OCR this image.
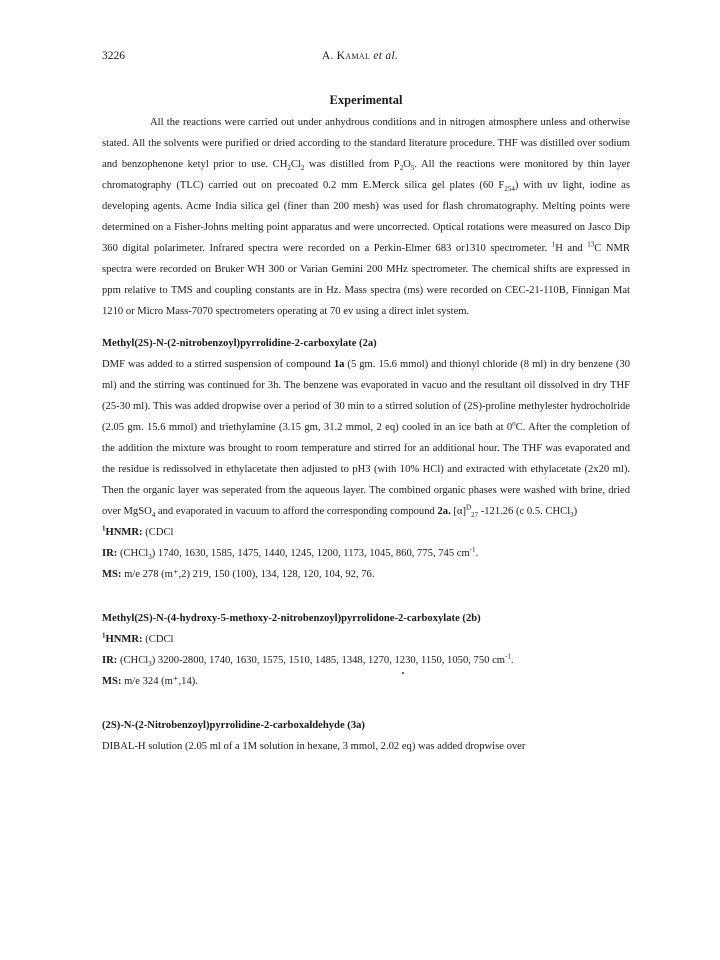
3226	A. Kamal et al.
Experimental

All the reactions were carried out under anhydrous conditions and in nitrogen atmosphere unless and otherwise stated. All the solvents were purified or dried according to the standard literature procedure. THF was distilled over sodium and benzophenone ketyl prior to use. $CH_2Cl_2$ was distilled from $P_2O_5$. All the reactions were monitored by thin layer chromatography (TLC) carried out on precoated 0.2 mm E.Merck silica gel plates (60 $F_{254}$) with uv light, iodine as developing agents. Acme India silica gel (finer than 200 mesh) was used for flash chromatography. Melting points were determined on a Fisher-Johns melting point apparatus and were uncorrected. Optical rotations were measured on Jasco Dip 360 digital polarimeter. Infrared spectra were recorded on a Perkin-Elmer 683 or1310 spectrometer. $^1$H and $^{13}$C NMR spectra were recorded on Bruker WH 300 or Varian Gemini 200 MHz spectrometer. The chemical shifts are expressed in ppm relative to TMS and coupling constants are in Hz. Mass spectra (ms) were recorded on CEC-21-110B, Finnigan Mat 1210 or Micro Mass-7070 spectrometers operating at 70 ev using a direct inlet system.

Methyl(2S)-N-(2-nitrobenzoyl)pyrrolidine-2-carboxylate (2a)

DMF was added to a stirred suspension of compound 1a (5 gm. 15.6 mmol) and thionyl chloride (8 ml) in dry benzene (30 ml) and the stirring was continued for 3h. The benzene was evaporated in vacuo and the resultant oil dissolved in dry THF (25-30 ml). This was added dropwise over a period of 30 min to a stirred solution of (2S)-proline methylester hydrocholride (2.05 gm. 15.6 mmol) and triethylamine (3.15 gm, 31.2 mmol, 2 eq) cooled in an ice bath at 0$^o$C. After the completion of the addition the mixture was brought to room temperature and stirred for an additional hour. The THF was evaporated and the residue is redissolved in ethylacetate then adjusted to pH3 (with 10% HCl) and extracted with ethylacetate (2x20 ml). Then the organic layer was seperated from the aqueous layer. The combined organic phases were washed with brine, dried over MgSO$_4$ and evaporated in vacuum to afford the corresponding compound 2a. $[\alpha]^D_{27}$ -121.26 (c 0.5. CHCl$_3$)

$^1$HNMR: (CDCl

IR: (CHCl$_3$) 1740, 1630, 1585, 1475, 1440, 1245, 1200, 1173, 1045, 860, 775, 745 $cm^{-1}$.

MS: m/e 278 (m⁺,2) 219, 150 (100), 134, 128, 120, 104, 92, 76.

Methyl(2S)-N-(4-hydroxy-5-methoxy-2-nitrobenzoyl)pyrrolidone-2-carboxylate (2b)

$^1$HNMR: (CDCl

IR: (CHCl$_3$) 3200-2800, 1740, 1630, 1575, 1510, 1485, 1348, 1270, 1230, 1150, 1050, 750 $cm^{-1}$.

MS: m/e 324 (m⁺,14).

(2S)-N-(2-Nitrobenzoyl)pyrrolidine-2-carboxaldehyde (3a)

DIBAL-H solution (2.05 ml of a 1M solution in hexane, 3 mmol, 2.02 eq) was added dropwise over
